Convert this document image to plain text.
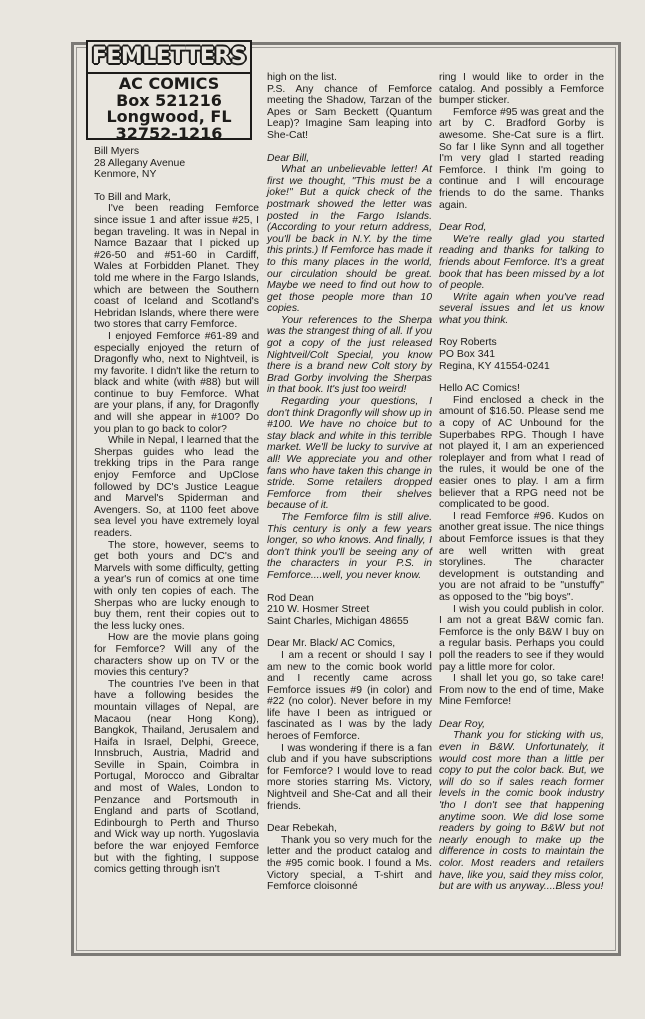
FEMLETTERS
AC COMICS
Box 521216
Longwood, FL
32752-1216

Bill Myers

28 Allegany Avenue

Kenmore, NY

To Bill and Mark,

I've been reading Femforce since issue 1 and after issue #25, I began traveling. It was in Nepal in Namce Bazaar that I picked up #26-50 and #51-60 in Cardiff, Wales at Forbidden Planet. They told me where in the Fargo Islands, which are between the Southern coast of Iceland and Scotland's Hebridan Islands, where there were two stores that carry Femforce.

I enjoyed Femforce #61-89 and especially enjoyed the return of Dragonfly who, next to Nightveil, is my favorite. I didn't like the return to black and white (with #88) but will continue to buy Femforce. What are your plans, if any, for Dragonfly and will she appear in #100? Do you plan to go back to color?

While in Nepal, I learned that the Sherpas guides who lead the trekking trips in the Para range enjoy Femforce and UpClose followed by DC's Justice League and Marvel's Spiderman and Avengers. So, at 1100 feet above sea level you have extremely loyal readers.

The store, however, seems to get both yours and DC's and Marvels with some difficulty, getting a year's run of comics at one time with only ten copies of each. The Sherpas who are lucky enough to buy them, rent their copies out to the less lucky ones.

How are the movie plans going for Femforce? Will any of the characters show up on TV or the movies this century?

The countries I've been in that have a following besides the mountain villages of Nepal, are Macaou (near Hong Kong), Bangkok, Thailand, Jerusalem and Haifa in Israel, Delphi, Greece, Innsbruch, Austria, Madrid and Seville in Spain, Coimbra in Portugal, Morocco and Gibraltar and most of Wales, London to Penzance and Portsmouth in England and parts of Scotland, Edinbourgh to Perth and Thurso and Wick way up north. Yugoslavia before the war enjoyed Femforce but with the fighting, I suppose comics getting through isn't

high on the list.

P.S. Any chance of Femforce meeting the Shadow, Tarzan of the Apes or Sam Beckett (Quantum Leap)? Imagine Sam leaping into She-Cat!

Dear Bill,

What an unbelievable letter! At first we thought, "This must be a joke!" But a quick check of the postmark showed the letter was posted in the Fargo Islands. (According to your return address, you'll be back in N.Y. by the time this prints.) If Femforce has made it to this many places in the world, our circulation should be great. Maybe we need to find out how to get those people more than 10 copies.

Your references to the Sherpa was the strangest thing of all. If you got a copy of the just released Nightveil/Colt Special, you know there is a brand new Colt story by Brad Gorby involving the Sherpas in that book. It's just too weird!

Regarding your questions, I don't think Dragonfly will show up in #100. We have no choice but to stay black and white in this terrible market. We'll be lucky to survive at all! We appreciate you and other fans who have taken this change in stride. Some retailers dropped Femforce from their shelves because of it.

The Femforce film is still alive. This century is only a few years longer, so who knows. And finally, I don't think you'll be seeing any of the characters in your P.S. in Femforce....well, you never know.

Rod Dean

210 W. Hosmer Street

Saint Charles, Michigan 48655

Dear Mr. Black/ AC Comics,

I am a recent or should I say I am new to the comic book world and I recently came across Femforce issues #9 (in color) and #22 (no color). Never before in my life have I been as intrigued or fascinated as I was by the lady heroes of Femforce.

I was wondering if there is a fan club and if you have subscriptions for Femforce? I would love to read more stories starring Ms. Victory, Nightveil and She-Cat and all their friends.

Dear Rebekah,

Thank you so very much for the letter and the product catalog and the #95 comic book. I found a Ms. Victory special, a T-shirt and Femforce cloisonné

ring I would like to order in the catalog. And possibly a Femforce bumper sticker.

Femforce #95 was great and the art by C. Bradford Gorby is awesome. She-Cat sure is a flirt. So far I like Synn and all together I'm very glad I started reading Femforce. I think I'm going to continue and I will encourage friends to do the same. Thanks again.

Dear Rod,

We're really glad you started reading and thanks for talking to friends about Femforce. It's a great book that has been missed by a lot of people.

Write again when you've read several issues and let us know what you think.

Roy Roberts

PO Box 341

Regina, KY 41554-0241

Hello AC Comics!

Find enclosed a check in the amount of $16.50. Please send me a copy of AC Unbound for the Superbabes RPG. Though I have not played it, I am an experienced roleplayer and from what I read of the rules, it would be one of the easier ones to play. I am a firm believer that a RPG need not be complicated to be good.

I read Femforce #96. Kudos on another great issue. The nice things about Femforce issues is that they are well written with great storylines. The character development is outstanding and you are not afraid to be "unstuffy" as opposed to the "big boys".

I wish you could publish in color. I am not a great B&W comic fan. Femforce is the only B&W I buy on a regular basis. Perhaps you could poll the readers to see if they would pay a little more for color.

I shall let you go, so take care! From now to the end of time, Make Mine Femforce!

Dear Roy,

Thank you for sticking with us, even in B&W. Unfortunately, it would cost more than a little per copy to put the color back. But, we will do so if sales reach former levels in the comic book industry 'tho I don't see that happening anytime soon. We did lose some readers by going to B&W but not nearly enough to make up the difference in costs to maintain the color. Most readers and retailers have, like you, said they miss color, but are with us anyway....Bless you!
